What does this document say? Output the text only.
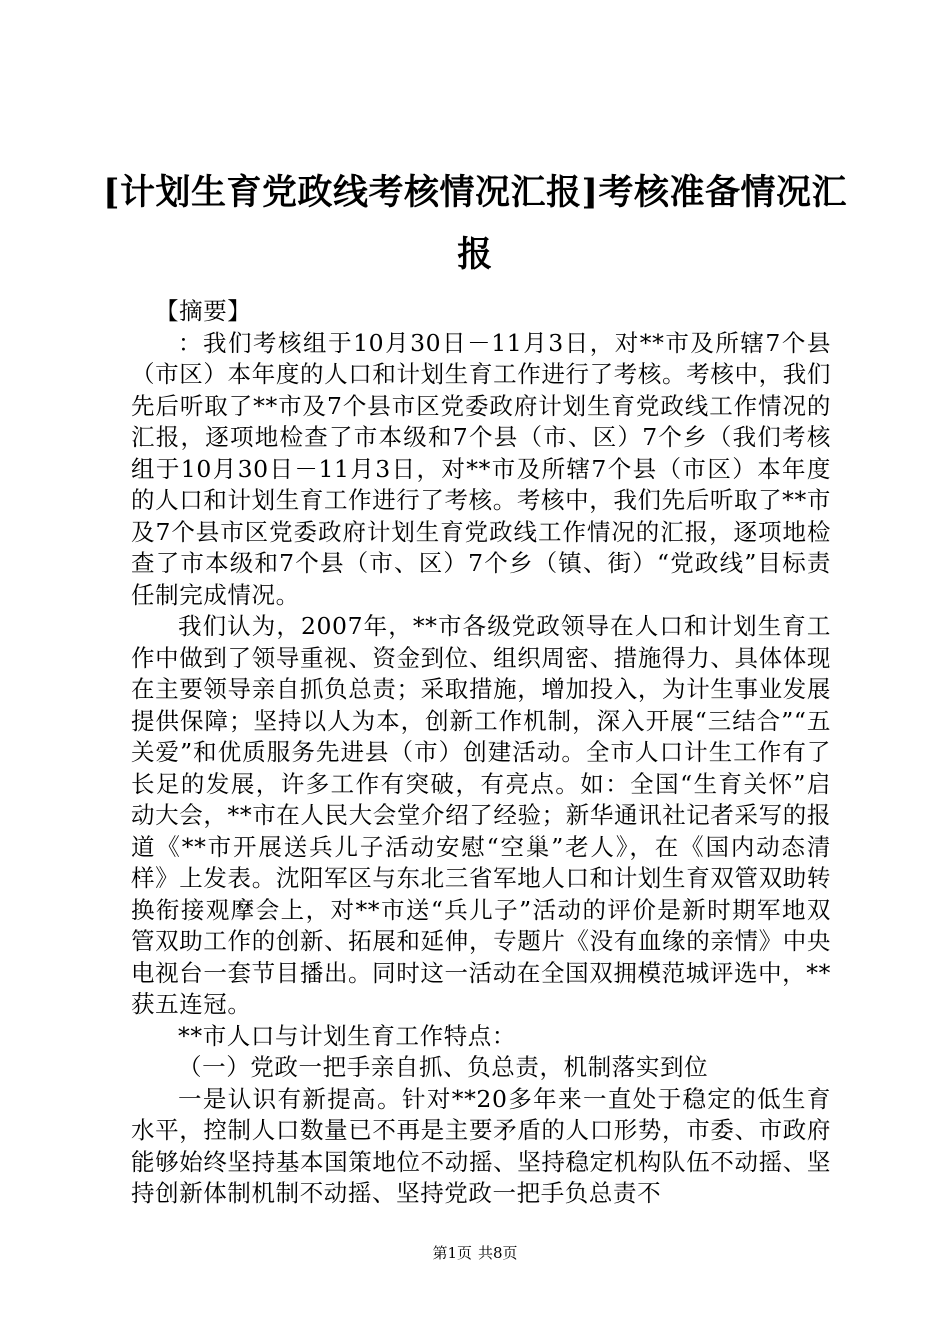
[计划生育党政线考核情况汇报]考核准备情况汇报

【摘要】

：我们考核组于10月30日－11月3日，对**市及所辖7个县（市区）本年度的人口和计划生育工作进行了考核。考核中，我们先后听取了**市及7个县市区党委政府计划生育党政线工作情况的汇报，逐项地检查了市本级和7个县（市、区）7个乡（我们考核组于10月30日－11月3日，对**市及所辖7个县（市区）本年度的人口和计划生育工作进行了考核。考核中，我们先后听取了**市及7个县市区党委政府计划生育党政线工作情况的汇报，逐项地检查了市本级和7个县（市、区）7个乡（镇、街）“党政线”目标责任制完成情况。

我们认为，2007年，**市各级党政领导在人口和计划生育工作中做到了领导重视、资金到位、组织周密、措施得力、具体体现在主要领导亲自抓负总责；采取措施，增加投入，为计生事业发展提供保障；坚持以人为本，创新工作机制，深入开展“三结合”“五关爱”和优质服务先进县（市）创建活动。全市人口计生工作有了长足的发展，许多工作有突破，有亮点。如：全国“生育关怀”启动大会，**市在人民大会堂介绍了经验；新华通讯社记者采写的报道《**市开展送兵儿子活动安慰“空巢”老人》，在《国内动态清样》上发表。沈阳军区与东北三省军地人口和计划生育双管双助转换衔接观摩会上，对**市送“兵儿子”活动的评价是新时期军地双管双助工作的创新、拓展和延伸，专题片《没有血缘的亲情》中央电视台一套节目播出。同时这一活动在全国双拥模范城评选中，**获五连冠。

**市人口与计划生育工作特点：

（一）党政一把手亲自抓、负总责，机制落实到位

一是认识有新提高。针对**20多年来一直处于稳定的低生育水平，控制人口数量已不再是主要矛盾的人口形势，市委、市政府能够始终坚持基本国策地位不动摇、坚持稳定机构队伍不动摇、坚持创新体制机制不动摇、坚持党政一把手负总责不

第1页 共8页
